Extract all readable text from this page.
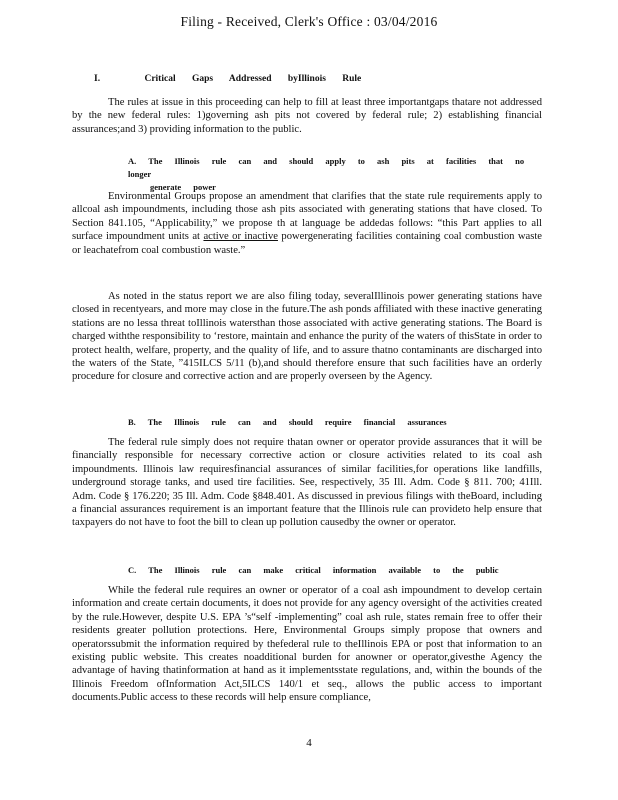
Filing - Received, Clerk's Office : 03/04/2016
I.	Critical Gaps Addressed byIllinois Rule
The rules at issue in this proceeding can help to fill at least three importantgaps thatare not addressed by the new federal rules: 1)governing ash pits not covered by federal rule; 2) establishing financial assurances;and 3) providing information to the public.
A. The Illinois rule can and should apply to ash pits at facilities that no longer
generate power
Environmental Groups propose an amendment that clarifies that the state rule requirements apply to allcoal ash impoundments, including those ash pits associated with generating stations that have closed. To Section 841.105, “Applicability,” we propose th at language be addedas follows: “this Part applies to all surface impoundment units at active or inactive powergenerating facilities containing coal combustion waste or leachatefrom coal combustion waste.”
As noted in the status report we are also filing today, severalIllinois power generating stations have closed in recentyears, and more may close in the future.The ash ponds affiliated with these inactive generating stations are no lessa threat toIllinois watersthan those associated with active generating stations. The Board is charged withthe responsibility to ‘restore, maintain and enhance the purity of the waters of thisState in order to protect health, welfare, property, and the quality of life, and to assure thatno contaminants are discharged into the waters of the State, ”415ILCS 5/11 (b),and should therefore ensure that such facilities have an orderly procedure for closure and corrective action and are properly overseen by the Agency.
B. The Illinois rule can and should require financial assurances
The federal rule simply does not require thatan owner or operator provide assurances that it will be financially responsible for necessary corrective action or closure activities related to its coal ash impoundments. Illinois law requiresfinancial assurances of similar facilities,for operations like landfills, underground storage tanks, and used tire facilities. See, respectively, 35 Ill. Adm. Code § 811. 700; 41Ill. Adm. Code § 176.220; 35 Ill. Adm. Code §848.401. As discussed in previous filings with theBoard, including a financial assurances requirement is an important feature that the Illinois rule can provideto help ensure that taxpayers do not have to foot the bill to clean up pollution causedby the owner or operator.
C. The Illinois rule can make critical information available to the public
While the federal rule requires an owner or operator of a coal ash impoundment to develop certain information and create certain documents, it does not provide for any agency oversight of the activities created by the rule.However, despite U.S. EPA ’s“self -implementing” coal ash rule, states remain free to offer their residents greater pollution protections. Here, Environmental Groups simply propose that owners and operatorssubmit the information required by thefederal rule to theIllinois EPA or post that information to an existing public website. This creates noadditional burden for anowner or operator,givesthe Agency the advantage of having thatinformation at hand as it implementsstate regulations, and, within the bounds of the Illinois Freedom ofInformation Act,5ILCS 140/1 et seq., allows the public access to important documents.Public access to these records will help ensure compliance,
4
